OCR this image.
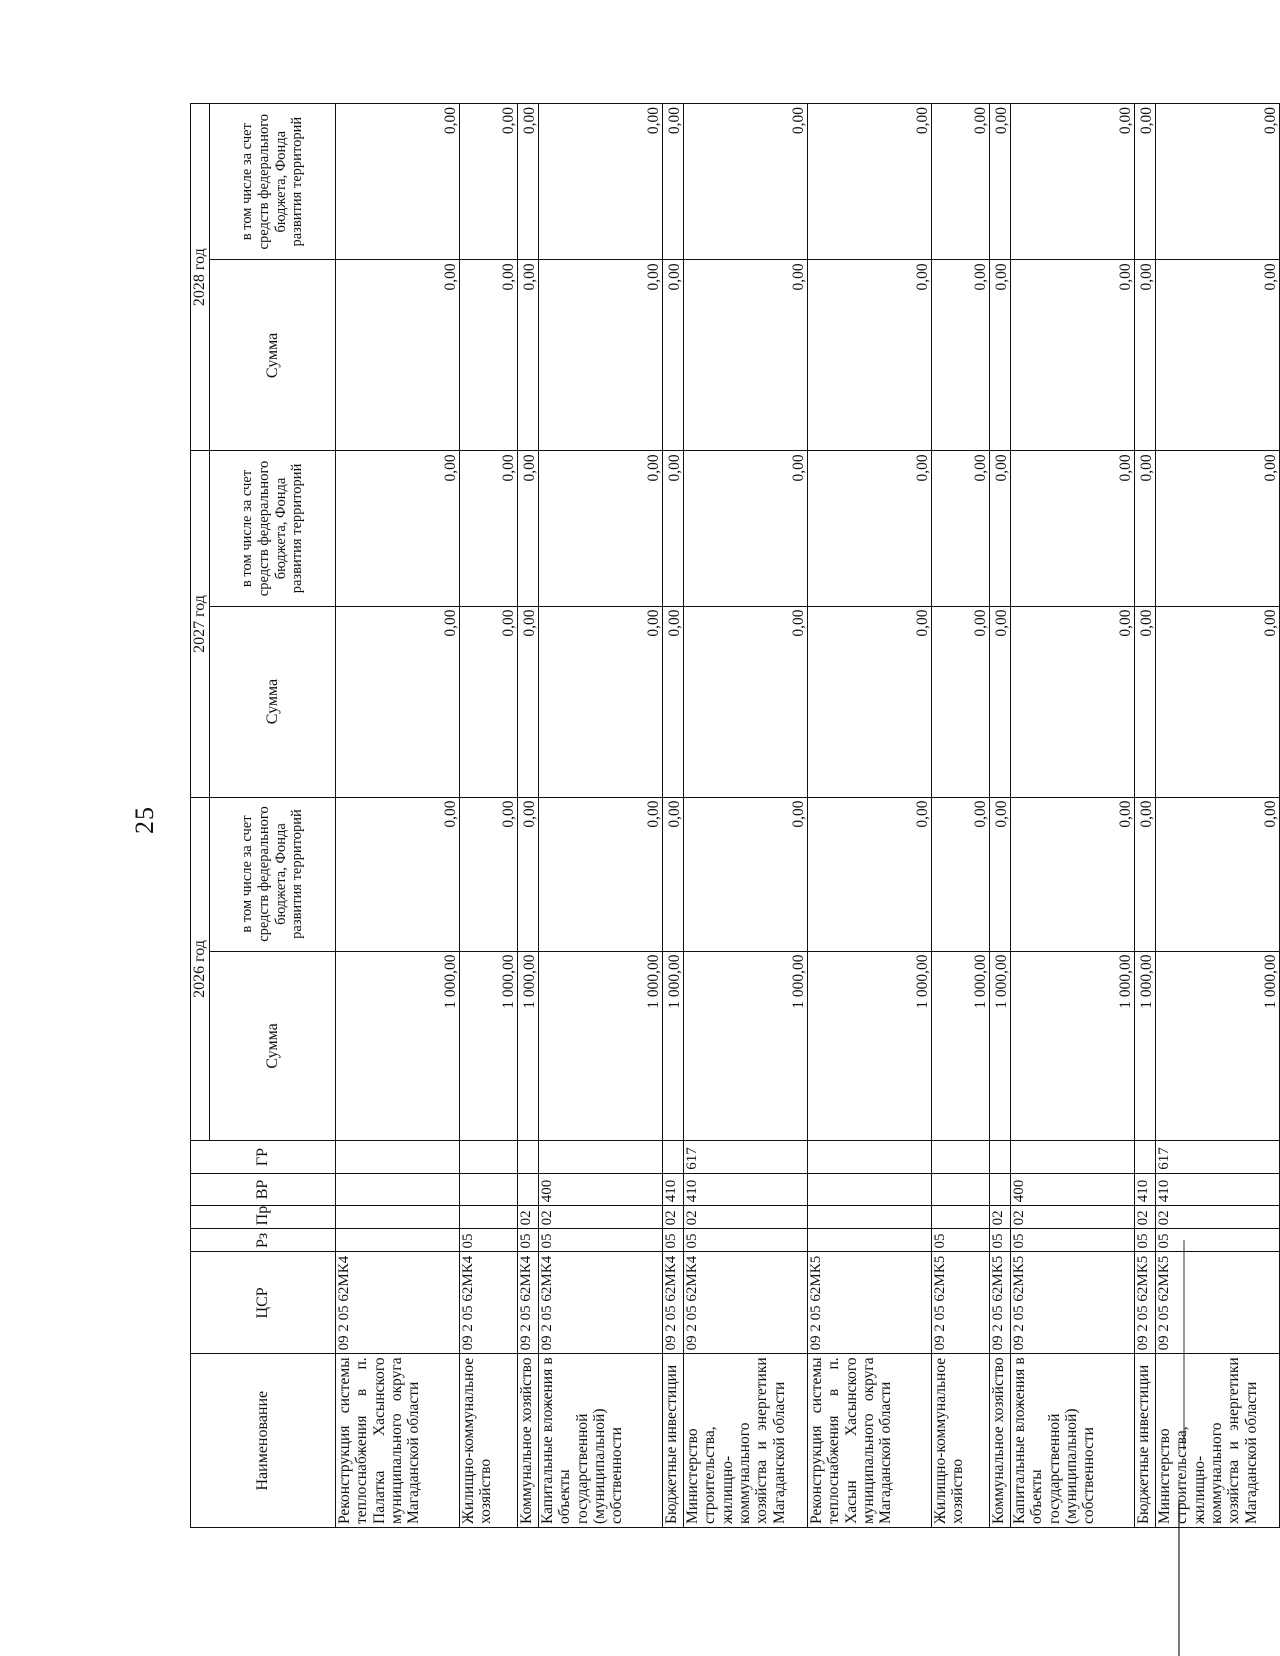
25
Наименование	ЦСР	Рз	Пр	ВР	ГР	2026 год		2027 год		2028 год	
						Сумма	в том числе за счет средств федерального бюджета, Фонда развития территорий	Сумма	в том числе за счет средств федерального бюджета, Фонда развития территорий	Сумма	в том числе за счет средств федерального бюджета, Фонда развития территорий
Реконструкция системы теплоснабжения в п. Палатка Хасынского муниципального округа Магаданской области	09 2 05 62МК4					1 000,00	0,00	0,00	0,00	0,00	0,00
Жилищно-коммунальное хозяйство	09 2 05 62МК4	05				1 000,00	0,00	0,00	0,00	0,00	0,00
Коммунальное хозяйство	09 2 05 62МК4	05	02			1 000,00	0,00	0,00	0,00	0,00	0,00
Капитальные вложения в объекты государственной (муниципальной) собственности	09 2 05 62МК4	05	02	400		1 000,00	0,00	0,00	0,00	0,00	0,00
Бюджетные инвестиции	09 2 05 62МК4	05	02	410		1 000,00	0,00	0,00	0,00	0,00	0,00
Министерство строительства, жилищно-коммунального хозяйства и энергетики Магаданской области	09 2 05 62МК4	05	02	410	617	1 000,00	0,00	0,00	0,00	0,00	0,00
Реконструкция системы теплоснабжения в п. Хасын Хасынского муниципального округа Магаданской области	09 2 05 62МК5					1 000,00	0,00	0,00	0,00	0,00	0,00
Жилищно-коммунальное хозяйство	09 2 05 62МК5	05				1 000,00	0,00	0,00	0,00	0,00	0,00
Коммунальное хозяйство	09 2 05 62МК5	05	02			1 000,00	0,00	0,00	0,00	0,00	0,00
Капитальные вложения в объекты государственной (муниципальной) собственности	09 2 05 62МК5	05	02	400		1 000,00	0,00	0,00	0,00	0,00	0,00
Бюджетные инвестиции	09 2 05 62МК5	05	02	410		1 000,00	0,00	0,00	0,00	0,00	0,00
Министерство строительства, жилищно-коммунального хозяйства и энергетики Магаданской области	09 2 05 62МК5	05	02	410	617	1 000,00	0,00	0,00	0,00	0,00	0,00
